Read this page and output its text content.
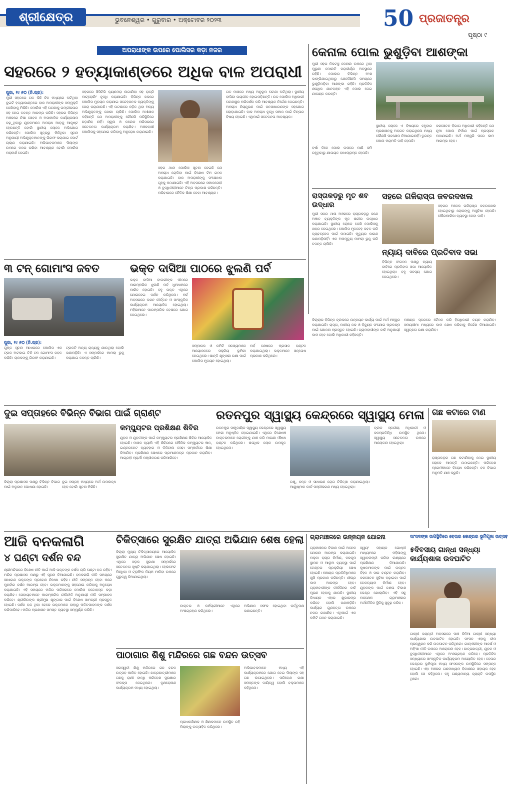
ଶ୍ରୀକ୍ଷେତ୍ର	ଭୁବନେଶ୍ୱର • ଗୁରୁବାର • ଅକ୍ଟୋବର ୨୦୨୩	50 ପ୍ରଜାତନ୍ତ୍ର
ପୃଷ୍ଠା ୯
ଅପରାଧୀଙ୍କ ଉପରେ ପୋଲିସର କଡ଼ା ନଜର
ସହରରେ ୨ ହତ୍ୟାକାଣ୍ଡରେ ଅଧିକ ବାଳ ଅପରାଧୀ
ପୁରୀ, ୧୯।୧୦ (ନି.ପ୍ର):
ପୁରୀ ସହରରେ ଗତ କିଛି ଦିନ ମଧ୍ୟରେ ଘଟିଥିବା ଦୁଇଟି ହତ୍ୟାକାଣ୍ଡରେ ବାଳ ଅପରାଧୀଙ୍କ ସମ୍ପୃକ୍ତି ଦେଖିବାକୁ ମିଳିଛି। ପୋଲିସ ଏହି ଘଟଣାକୁ ଗମ୍ଭୀରତାର ସହ ନେଇ ତଦନ୍ତ ଆରମ୍ଭ କରିଛି। ସହରର ବିଭିନ୍ନ ଅଞ୍ଚଳରେ ନିଶା ସେବନ ଓ ଅସାମାଜିକ କାର୍ଯ୍ୟକଳାପ ବଢ଼ୁଥିବାରୁ ଯୁବକମାନେ ଅପରାଧ ଆଡ଼କୁ ଆକୃଷ୍ଟ ହେଉଛନ୍ତି ବୋଲି ସ୍ଥାନୀୟ ଲୋକେ ଅଭିଯୋଗ କରିଛନ୍ତି। ପୋଲିସ ସୂତ୍ରରୁ ମିଳିଥିବା ସୂଚନା ଅନୁଯାୟୀ ଅଭିଯୁକ୍ତମାନଙ୍କୁ ଗିରଫ କରାଯାଇ କୋର୍ଟ ଚାଲାଣ କରାଯାଇଛି। ଅଭିଭାବକମାନେ ପିଲାଙ୍କ ଉପରେ ନଜର ରଖିବା ଆବଶ୍ୟକ ବୋଲି ପୋଲିସ ପରାମର୍ଶ ଦେଇଛି।
ସହରରେ ସିସିଟିଭି କ୍ୟାମେରା ଲଗାଯିବା ସହ ରାତ୍ରି ପାଟ୍ରୋଲିଂ ବୃଦ୍ଧି କରାଯାଇଛି। ବିଭିନ୍ନ ଛକରେ ପୋଲିସ ମୁତୟନ କରାଯାଇ ସନ୍ଦେହଜନକ ବ୍ୟକ୍ତିଙ୍କୁ ଜେରା କରାଯାଉଛି। ଏହି ଘଟଣାରେ ଜଡ଼ିତ ଥିବା ଅନ୍ୟ ଅଭିଯୁକ୍ତଙ୍କୁ ଖୋଜା ଚାଲିଛି। ପୋଲିସ ଅଧୀକ୍ଷକ କହିଛନ୍ତି ଯେ ଅପରାଧୀଙ୍କୁ କୌଣସି ପରିସ୍ଥିତିରେ ଛଡ଼ାଯିବ ନାହିଁ। ସ୍କୁଲ ଓ କଲେଜ ପରିସରରେ ସଚେତନତା କାର୍ଯ୍ୟକ୍ରମ କରାଯିବ। ଅଞ୍ଚଳବାସୀ ପୋଲିସକୁ ସହଯୋଗ କରିବାକୁ ଅନୁରୋଧ କରାଯାଇଛି।
ସହର ଥାନା ପୋଲିସ ସୂଚନା ଦେଇଛି ଯେ ଅପରାଧ ରୋକିବା ପାଇଁ ବିଶେଷ ଟିମ ଗଠନ କରାଯାଇଛି। ବାଳ ଅପରାଧୀଙ୍କୁ ସଂଶୋଧନ ଗୃହକୁ ପଠାଯାଇଛି। ଏହି ଅବସରରେ ସମାଜସେବୀ ଓ ବୁଦ୍ଧିଜୀବୀମାନେ ଚିନ୍ତା ପ୍ରକାଶ କରିଛନ୍ତି। ପରିବାରରେ ନୈତିକ ଶିକ୍ଷା ଦେବା ଆବଶ୍ୟକ।
ଗତ ମାସରେ ମଧ୍ୟ ଅନୁରୂପ ଘଟଣା ଘଟିଥିଲା। ସ୍ଥାନୀୟ ବାସିନ୍ଦା ଭୟଭୀତ ହୋଇପଡ଼ିଛନ୍ତି। ଉଚ୍ଚ ପୋଲିସ ଅଧିକାରୀ ଘଟଣାସ୍ଥଳ ପରିଦର୍ଶନ କରି ଆବଶ୍ୟକ ନିର୍ଦ୍ଦେଶ ଦେଇଛନ୍ତି। ଅପରାଧ ନିୟନ୍ତ୍ରଣ ପାଇଁ ଜନସାଧାରଣଙ୍କ ସହଯୋଗ ଲୋଡ଼ାଯାଇଛି। ବାଳ ଅପରାଧ ବୃଦ୍ଧି ସମାଜ ପାଇଁ ଚିନ୍ତାର ବିଷୟ ହୋଇଛି। ଏଥିପାଇଁ ସଚେତନତା ଆବଶ୍ୟକ।
କେନାଲ ପୋଲ ଭୁଶୁଡ଼ିବା ଆଶଙ୍କା
ପୁରୀ ସହର ନିକଟସ୍ଥ କେନାଲ ଉପରେ ଥିବା ପୁରୁଣା ପୋଲଟି ଜରାଜୀର୍ଣ୍ଣ ଅବସ୍ଥାରେ ରହିଛି। ପୋଲର ବିଭିନ୍ନ ଅଂଶ ଭାଙ୍ଗିଯାଇଥିବାରୁ ଯେକୌଣସି ସମୟରେ ଭୁଶୁଡ଼ିପଡ଼ିବା ଆଶଙ୍କା ରହିଛି। ପ୍ରତିଦିନ ଶତାଧିକ ଯାନବାହନ ଏହି ପୋଲ ଦେଇ ଯାତାୟତ କରନ୍ତି।
ସ୍ଥାନୀୟ ଲୋକେ ଏ ବିଷୟରେ ବହୁବାର ପ୍ରଶାସନକୁ ଅବଗତ କରାଇଥିଲେ ମଧ୍ୟ କୌଣସି ପଦକ୍ଷେପ ନିଆଯାଇନାହିଁ। ତୁରନ୍ତ ପୋଲ ମରାମତି ଦାବି ହେଉଛି।
ଜଳସେଚନ ବିଭାଗ ଅଧିକାରୀ କହିଛନ୍ତି ଯେ ନୂଆ ପୋଲ ନିର୍ମାଣ ପାଇଁ ପ୍ରସ୍ତାବ ପଠାଯାଇଛି। ଅର୍ଥ ମଞ୍ଜୁରି ପରେ କାମ ଆରମ୍ଭ ହେବ।
ବର୍ଷା ଦିନେ ପୋଲ ଉପରେ ପାଣି ଜମି ରହୁଥିବାରୁ ଯାତାୟତ ବାଧାପ୍ରାପ୍ତ ହେଉଛି।
ରାସ୍ତାକଡ଼ରୁ ମୃତ ଶବ ଉଦ୍ଧାର
ପୁରୀ ସଦର ଥାନା ଅଞ୍ଚଳରେ ରାସ୍ତାକଡ଼ରୁ ଜଣେ ଅଜ୍ଞାତ ବ୍ୟକ୍ତିଙ୍କ ମୃତ ଶରୀର ଉଦ୍ଧାର କରାଯାଇଛି। ସ୍ଥାନୀୟ ଲୋକେ ଦେଖି ପୋଲିସକୁ ଖବର ଦେଇଥିଲେ। ପୋଲିସ ମୃତଦେହ ଜବତ କରି ବ୍ୟବଚ୍ଛେଦ ପାଇଁ ପଠାଇଛି। ମୃତ୍ୟୁର କାରଣ ଜଣାପଡ଼ିନାହିଁ। ଏକ ଅପମୃତ୍ୟୁ ମାମଲା ରୁଜୁ କରି ତଦନ୍ତ ଚାଲିଛି।
ସହରେ ଗଳିରାସ୍ତା ଜବରଦଖଲ
ସହରର ଅନେକ ଗଳିରାସ୍ତା ଜବରଦଖଲ ହୋଇଥିବାରୁ ଲୋକଙ୍କୁ ଅସୁବିଧା ହେଉଛି। ପୌରପାଳିକା ବ୍ୟବସ୍ଥା ନେବା ଦାବି।
ନ୍ୟାୟ ଦାବିରେ ପ୍ରତିବାଦ ସଭା
ବିଭିନ୍ନ ସଂଗଠନ ପକ୍ଷରୁ ନ୍ୟାୟ ଦାବିରେ ପ୍ରତିବାଦ ସଭା ଆୟୋଜିତ ହୋଇଥିଲା। ବହୁ ସଦସ୍ୟ ଯୋଗ ଦେଇଥିଲେ।
୩ ଟନ୍ ଗୋମାଂସ ଜବତ
ପୁରୀ, ୧୯।୧୦ (ନି.ପ୍ର):
ଗୁପ୍ତ ସୂଚନା ଆଧାରରେ ପୋଲିସ ଏକ ଟ୍ରକ ଅଟକାଇ ତିନି ଟନ ଗୋମାଂସ ଜବତ କରିଛି। ଚାଳକଙ୍କୁ ଗିରଫ କରାଯାଇଛି।
ଟ୍ରକଟି ଅନ୍ୟ ରାଜ୍ୟକୁ ଯାଉଥିଲା ବୋଲି ଜଣାପଡ଼ିଛି। ଏ ସମ୍ପର୍କରେ ମାମଲା ରୁଜୁ କରାଯାଇ ତଦନ୍ତ ଚାଲିଛି।
ଭକ୍ତ ଦାସିଆ ପାଠରେ ଝୁଲଣି ପର୍ବ
ଭକ୍ତ ଦାସିଆ ବାଉରୀଙ୍କ ପୀଠରେ ପାରମ୍ପରିକ ଝୁଲଣି ପର୍ବ ଧୁମଧାମରେ ପାଳିତ ହୋଇଛି। ବହୁ ଭକ୍ତ ଏଥିରେ ଯୋଗଦେଇ ଦର୍ଶନ କରିଥିଲେ। ପର୍ବ ଅବସରରେ ଭଜନ କୀର୍ତ୍ତନ ଓ ସାଂସ୍କୃତିକ କାର୍ଯ୍ୟକ୍ରମ ଆୟୋଜିତ ହୋଇଥିଲା। ମହିଳାମାନେ ପାରମ୍ପରିକ ବେଶରେ ଯୋଗ ଦେଇଥିଲେ।
ସମ୍ପାଦକ ଓ କମିଟି ସଦସ୍ୟମାନେ ଆୟୋଜନରେ ସକ୍ରିୟ ଭୂମିକା ନେଇଥିଲେ। ଶାନ୍ତି ଶୃଙ୍ଖଳା ରକ୍ଷା ପାଇଁ ପୋଲିସ ମୁତୟନ ହୋଇଥିଲା।
ପର୍ବ ଶେଷରେ ପ୍ରସାଦ ବଣ୍ଟନ କରାଯାଇଥିଲା। ଭକ୍ତମାନେ ସନ୍ତୋଷ ପ୍ରକାଶ କରିଥିଲେ।
ଜିଲ୍ଲାର ବିଭିନ୍ନ ବ୍ଲକରେ ଉନ୍ନୟନ କାର୍ଯ୍ୟ ପାଇଁ ଅର୍ଥ ମଞ୍ଜୁର କରାଯାଇଛି। ରାସ୍ତା, ପାନୀୟ ଜଳ ଓ ବିଦ୍ୟୁତ ସଂଯୋଗ ପ୍ରକଳ୍ପ ପାଇଁ ଯୋଜନା ପ୍ରସ୍ତୁତ ହୋଇଛି। ଗ୍ରାମବାସୀଙ୍କ ଦାବି ଅନୁଯାୟୀ କାମ ହେବ ବୋଲି ଅଧିକାରୀ କହିଛନ୍ତି।
ପଞ୍ଚାୟତ ସ୍ତରରେ ବୈଠକ କରି ହିତାଧିକାରୀ ଚୟନ କରାଯିବ। ସମୟସୀମା ମଧ୍ୟରେ କାମ ଶେଷ କରିବାକୁ ନିର୍ଦ୍ଦେଶ ଦିଆଯାଇଛି। ସ୍ୱଚ୍ଛତା ରକ୍ଷା କରାଯିବ।
ଦୁଇ ସପ୍ତାହରେ ବିଭିନ୍ନ ବିଭାଗ ପାଇଁ ଗ୍ରାଣ୍ଟ
ଜିଲ୍ଲା ପ୍ରଶାସନ ପକ୍ଷରୁ ବିଭିନ୍ନ ବିଭାଗ ପାଇଁ ଅନୁଦାନ ଘୋଷଣା ହୋଇଛି।
ଦୁଇ ସପ୍ତାହ ମଧ୍ୟରେ ଅର୍ଥ ଉପଲବ୍ଧ ହେବ ବୋଲି ସୂଚନା ମିଳିଛି।
କମ୍ପ୍ୟୁଟର ପ୍ରଶିକ୍ଷଣ ଶିବିର
ଯୁବକ ଓ ଯୁବତୀଙ୍କ ପାଇଁ କମ୍ପ୍ୟୁଟର ପ୍ରଶିକ୍ଷଣ ଶିବିର ଆୟୋଜିତ ହୋଇଛି। ମାସକ ବ୍ୟାପି ଏହି ଶିବିରରେ ମୌଳିକ କମ୍ପ୍ୟୁଟର ଜ୍ଞାନ, ଇଣ୍ଟରନେଟ ବ୍ୟବହାର ଓ ଡିଜିଟାଲ ସେବା ସମ୍ପର୍କରେ ଶିକ୍ଷା ଦିଆଯିବ। ପ୍ରଶିକ୍ଷଣ ଶେଷରେ ପ୍ରମାଣପତ୍ର ପ୍ରଦାନ କରାଯିବ। ଆଗ୍ରହୀ ପ୍ରାର୍ଥୀ ପଞ୍ଜୀକରଣ କରିପାରିବେ।
ରତନପୁର ସ୍ୱାସ୍ଥ୍ୟ କେନ୍ଦ୍ରରେ ସ୍ୱାସ୍ଥ୍ୟ ମେଳା
ରତନପୁର ସାମୁଦାୟିକ ସ୍ୱାସ୍ଥ୍ୟ କେନ୍ଦ୍ରରେ ସ୍ୱାସ୍ଥ୍ୟ ମେଳା ଅନୁଷ୍ଠିତ ହୋଇଯାଇଛି। ଏଥିରେ ବିଶେଷଜ୍ଞ ଡାକ୍ତରମାନେ ରୋଗୀଙ୍କୁ ଯାଞ୍ଚ କରି ମାଗଣା ଔଷଧ ବଣ୍ଟନ କରିଥିଲେ। ଶତାଧିକ ଲୋକ ଉପକୃତ ହୋଇଥିଲେ।
ଚକ୍ଷୁ, ଦନ୍ତ ଓ ସାଧାରଣ ରୋଗ ଚିକିତ୍ସା କରାଯାଇଥିଲା। ଆୟୁଷ୍ମାନ କାର୍ଡ ପଞ୍ଜୀକରଣ ମଧ୍ୟ ହୋଇଥିଲା।
ବ୍ଲକ ସ୍ତରୀୟ ଅଧିକାରୀ ଓ ଜନପ୍ରତିନିଧି ଉପସ୍ଥିତ ଥିଲେ। ସ୍ୱାସ୍ଥ୍ୟ ସଚେତନତା ଉପରେ ଆଲୋଚନା ହୋଇଥିଲା।
ଗଛ କଟାରେ ଟାଣ
ରାସ୍ତାକଡ଼ର ଗଛ କଟାଯିବାକୁ ନେଇ ସ୍ଥାନୀୟ ଲୋକେ ଆପତ୍ତି ଉଠାଇଛନ୍ତି। ପରିବେଶ ପ୍ରେମୀମାନେ ବିରୋଧ କରିଛନ୍ତି। ବନ ବିଭାଗ ଅନୁମତି ଯାଞ୍ଚ କରୁଛି।
ଆଜି ବନକଳାଗି
୪ ଘଣ୍ଟା ଦର୍ଶନ ବନ୍ଦ
ଶ୍ରୀମନ୍ଦିରରେ ବିଶେଷ ନୀତି ପାଇଁ ଆଜି ଭକ୍ତଙ୍କ ଦର୍ଶନ ଚାରି ଘଣ୍ଟା ବନ୍ଦ ରହିବ। ମନ୍ଦିର ପ୍ରଶାସନ ପକ୍ଷରୁ ଏହି ସୂଚନା ଦିଆଯାଇଛି। ବନକଳାଗି ନୀତି ସମୟରେ ସାଧାରଣ ଭକ୍ତଙ୍କ ପ୍ରବେଶ ନିଷେଧ ରହିବ। ନୀତି ସମ୍ପନ୍ନ ହେବା ପରେ ପୁନର୍ବାର ଦର୍ଶନ ଆରମ୍ଭ ହେବ। ଭକ୍ତମାନଙ୍କୁ ସହଯୋଗ କରିବାକୁ ଅନୁରୋଧ କରାଯାଇଛି। ଏହି ସମୟରେ ମନ୍ଦିର ପରିସରରେ ପୋଲିସ ବନ୍ଦୋବସ୍ତ କଡ଼ା କରାଯିବ। ସେବାୟତମାନେ ପାରମ୍ପରିକ ରୀତିନୀତି ଅନୁଯାୟୀ ନୀତି ସମ୍ପାଦନ କରିବେ। ଶ୍ରୀଜିଉଙ୍କ ଶ୍ରୀମୁଖ ଶୃଙ୍ଗାର ପାଇଁ ବିଶେଷ ସାମଗ୍ରୀ ପ୍ରସ୍ତୁତ ହୋଇଛି। ଦର୍ଶନ ବନ୍ଦ ଥିବା ବେଳେ ଭକ୍ତମାନେ ବାହାରୁ ପତିତପାବନଙ୍କ ଦର୍ଶନ କରିପାରିବେ। ମନ୍ଦିର ପ୍ରଶାସନ ସମସ୍ତ ବ୍ୟବସ୍ଥା ସମ୍ପୂର୍ଣ୍ଣ କରିଛି।
ଚିକିତ୍ସାରେ ସୁରକ୍ଷିତ ଯାତ୍ରା ଅଭିଯାନ ଶେଷ ହେଲା
ଜିଲ୍ଲା ମୁଖ୍ୟ ଚିକିତ୍ସାଳୟରେ ଆୟୋଜିତ ସୁରକ୍ଷିତ ଯାତ୍ରା ଅଭିଯାନ ଶେଷ ହୋଇଛି। ଏଥିରେ ସଡ଼କ ସୁରକ୍ଷା ସମ୍ପର୍କରେ ସଚେତନତା ସୃଷ୍ଟି କରାଯାଇଥିଲା। ହେଲମେଟ ପିନ୍ଧିବା ଓ ଟ୍ରାଫିକ ନିୟମ ମାନିବା ଉପରେ ଗୁରୁତ୍ୱ ଦିଆଯାଇଥିଲା।
ଡାକ୍ତର ଓ କର୍ମଚାରୀମାନେ ଏଥିରେ ଅଂଶଗ୍ରହଣ କରିଥିଲେ।
ଅଭିଯାନ ସଫଳ ହୋଇଥିବା କର୍ତ୍ତୃପକ୍ଷ ଜଣାଇଛନ୍ତି।
ପାଠାଗାର ଶିଶୁ ମନ୍ଦିରରେ ଗଛ ବନ୍ଦନ ଉତ୍ସବ
ସରସ୍ୱତୀ ଶିଶୁ ମନ୍ଦିରରେ ଗଛ ବନ୍ଦନ ଉତ୍ସବ ପାଳିତ ହୋଇଛି। ଛାତ୍ରଛାତ୍ରୀମାନେ ଗଛକୁ ରାକ୍ଷୀ ବାନ୍ଧି ପରିବେଶ ସୁରକ୍ଷାର ସଂକଳ୍ପ ନେଇଥିଲେ। ବୃକ୍ଷରୋପଣ କାର୍ଯ୍ୟକ୍ରମ ମଧ୍ୟ ହୋଇଥିଲା।
ପ୍ରଧାନଶିକ୍ଷକ ଓ ଶିକ୍ଷକମାନେ ଉପସ୍ଥିତ ରହି ପିଲାଙ୍କୁ ଉତ୍ସାହିତ କରିଥିଲେ।
ଅଭିଭାବକମାନେ ମଧ୍ୟ ଏହି କାର୍ଯ୍ୟକ୍ରମରେ ଯୋଗ ଦେଇ ପିଲାଙ୍କ ସହ ଗଛ ଲଗାଇଥିଲେ। ପରିବେଶ ରକ୍ଷା ସମସ୍ତଙ୍କ ଦାୟିତ୍ୱ ବୋଲି ବକ୍ତାମାନେ କହିଥିଲେ।
ଗ୍ରାମାଞ୍ଚଳରେ ଉନ୍ନୟନ ଯୋଜନା
ଗ୍ରାମାଞ୍ଚଳର ବିକାଶ ପାଇଁ ଅନେକ ଯୋଜନା ଆରମ୍ଭ କରାଯାଇଛି। ପକ୍କା ରାସ୍ତା ନିର୍ମାଣ, ନଳକୂପ ସ୍ଥାପନ ଓ ଆଲୁଅ ବ୍ୟବସ୍ଥା ପାଇଁ ଟେଣ୍ଡର ପ୍ରକ୍ରିୟା ଶେଷ ହୋଇଛି। ପଞ୍ଚାୟତ ପ୍ରତିନିଧିମାନେ ଖୁସି ପ୍ରକାଶ କରିଛନ୍ତି। ଶୀଘ୍ର କାମ ଆରମ୍ଭ ହେବ। ଗ୍ରାମବାସୀଙ୍କ ଦୀର୍ଘଦିନର ଦାବି ପୂରଣ ହେବାକୁ ଯାଉଛି। ସ୍ଥାନୀୟ ବିଧାୟକ ଏହାର ଶୁଭାରମ୍ଭ କରିବେ ବୋଲି ଜଣାପଡ଼ିଛି। କାର୍ଯ୍ୟର ଗୁଣବତ୍ତା ଉପରେ ନଜର ରଖାଯିବ। ଏଥିପାଇଁ ଏକ କମିଟି ଗଠନ କରାଯାଇଛି।
ସ୍ୱୟଂ ସହାୟକ ଗୋଷ୍ଠୀ ମାଧ୍ୟମରେ ମହିଳାଙ୍କୁ ସ୍ୱାବଲମ୍ବୀ କରିବା ଲକ୍ଷ୍ୟରେ ପ୍ରଶିକ୍ଷଣ ଦିଆଯାଉଛି। କୃଷକମାନଙ୍କ ପାଇଁ ଉନ୍ନତ ବିହନ ଓ ସାର ବଣ୍ଟନ କରାଯିବ। ଜଳସେଚନ ସୁବିଧା ବଢ଼ାଇବା ପାଇଁ ଚେକଡ୍ୟାମ ନିର୍ମାଣ ହେବ। ଯୁବକଙ୍କ ପାଇଁ ଦକ୍ଷତା ବିକାଶ କେନ୍ଦ୍ର ଖୋଲାଯିବ। ଏହି ସବୁ ପଦକ୍ଷେପ ଗ୍ରାମାଞ୍ଚଳର ଅର୍ଥନୈତିକ ସ୍ଥିତିକୁ ସୁଦୃଢ଼ କରିବ।
ସାଂସଦଙ୍କ ଉପସ୍ଥିତିରେ ବେତାର କେନ୍ଦ୍ରର ଭୂମିପୂଜା ଉତ୍ସବ
୫ଦିବସୀୟ ଗାନ୍ଧୀ ସନ୍ଧ୍ୟା କାର୍ଯ୍ୟଶାଳା ଉଦଘାଟିତ
ଗାନ୍ଧୀ ଜୟନ୍ତୀ ଅବସରରେ ପାଞ୍ଚ ଦିନିଆ ଗାନ୍ଧୀ ସନ୍ଧ୍ୟା କାର୍ଯ୍ୟଶାଳା ଉଦଘାଟିତ ହୋଇଛି। ସାଂସଦ ଏହାକୁ ଦୀପ ପ୍ରଜ୍ୱଳନ କରି ଉଦଘାଟନ କରିଥିଲେ। ଗାନ୍ଧୀଜୀଙ୍କ ଆଦର୍ଶ ଓ ଅହିଂସା ନୀତି ଉପରେ ଆଲୋଚନା ହେବ। ଛାତ୍ରଛାତ୍ରୀ, ଯୁବକ ଓ ବୁଦ୍ଧିଜୀବୀମାନେ ଏଥିରେ ଅଂଶଗ୍ରହଣ କରିବେ। ପ୍ରତିଦିନ ସନ୍ଧ୍ୟାରେ ସାଂସ୍କୃତିକ କାର୍ଯ୍ୟକ୍ରମ ଆୟୋଜିତ ହେବ। ବେତାର କେନ୍ଦ୍ରର ଭୂମିପୂଜା ମଧ୍ୟ ସାଂସଦଙ୍କ ଉପସ୍ଥିତିରେ ସମ୍ପନ୍ନ ହୋଇଛି। ଏହା ଅଞ୍ଚଳର ଗଣମାଧ୍ୟମ ବିକାଶରେ ସହାୟକ ହେବ ବୋଲି ସେ କହିଥିଲେ। ବହୁ ଗଣ୍ୟମାନ୍ୟ ବ୍ୟକ୍ତି ଉପସ୍ଥିତ ଥିଲେ।
